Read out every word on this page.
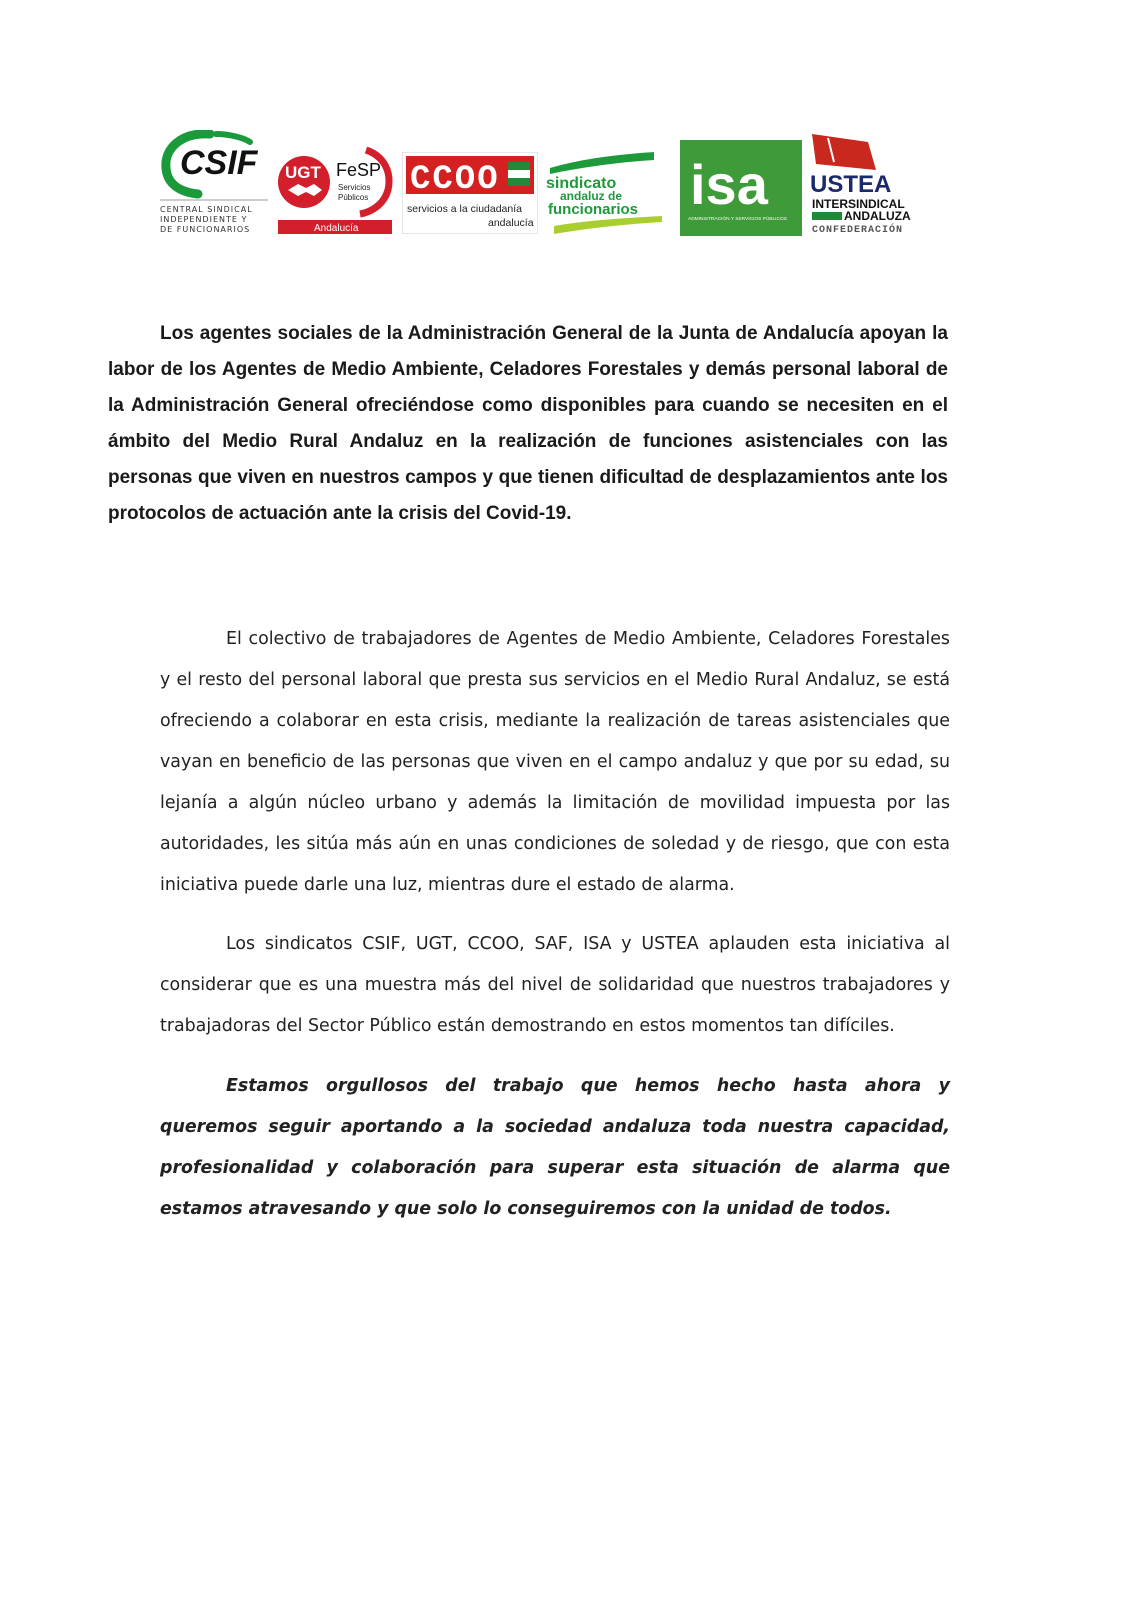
CSIF
CENTRAL SINDICAL
INDEPENDIENTE Y
DE FUNCIONARIOS
UGT FeSP
Servicios
Públicos
Andalucía
CCOO
servicios a la ciudadanía
andalucía
sindicato
andaluz de
funcionarios isa
ADMINISTRACIÓN Y SERVICIOS PÚBLICOS
USTEA
INTERSINDICAL
ANDALUZA
CONFEDERACIÓN

Los agentes sociales de la Administración General de la Junta de Andalucía apoyan la labor de los Agentes de Medio Ambiente, Celadores Forestales y demás personal laboral de la Administración General ofreciéndose como disponibles para cuando se necesiten en el ámbito del Medio Rural Andaluz en la realización de funciones asistenciales con las personas que viven en nuestros campos y que tienen dificultad de desplazamientos ante los protocolos de actuación ante la crisis del Covid-19.

El colectivo de trabajadores de Agentes de Medio Ambiente, Celadores Forestales y el resto del personal laboral que presta sus servicios en el Medio Rural Andaluz, se está ofreciendo a colaborar en esta crisis, mediante la realización de tareas asistenciales que vayan en beneficio de las personas que viven en el campo andaluz y que por su edad, su lejanía a algún núcleo urbano y además la limitación de movilidad impuesta por las autoridades, les sitúa más aún en unas condiciones de soledad y de riesgo, que con esta iniciativa puede darle una luz, mientras dure el estado de alarma.

Los sindicatos CSIF, UGT, CCOO, SAF, ISA y USTEA aplauden esta iniciativa al considerar que es una muestra más del nivel de solidaridad que nuestros trabajadores y trabajadoras del Sector Público están demostrando en estos momentos tan difíciles.

Estamos orgullosos del trabajo que hemos hecho hasta ahora y queremos seguir aportando a la sociedad andaluza toda nuestra capacidad, profesionalidad y colaboración para superar esta situación de alarma que estamos atravesando y que solo lo conseguiremos con la unidad de todos.
